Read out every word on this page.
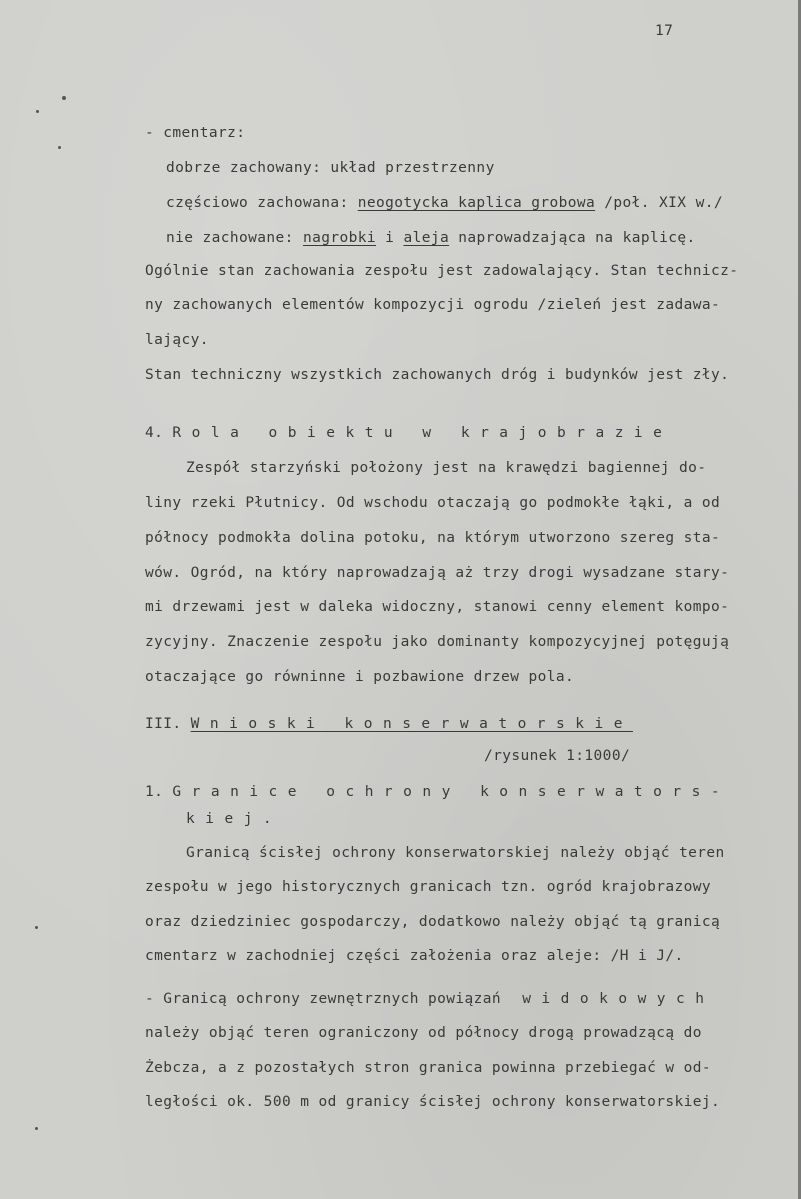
17
- cmentarz:
dobrze zachowany: układ przestrzenny
częściowo zachowana: neogotycka kaplica grobowa /poł. XIX w./
nie zachowane: nagrobki i aleja naprowadzająca na kaplicę.
Ogólnie stan zachowania zespołu jest zadowalający. Stan technicz-
ny zachowanych elementów kompozycji ogrodu /zieleń jest zadawa-
lający.
Stan techniczny wszystkich zachowanych dróg i budynków jest zły.
4. Rola obiektu w krajobrazie
Zespół starzyński położony jest na krawędzi bagiennej do-
liny rzeki Płutnicy. Od wschodu otaczają go podmokłe łąki, a od
północy podmokła dolina potoku, na którym utworzono szereg sta-
wów. Ogród, na który naprowadzają aż trzy drogi wysadzane stary-
mi drzewami jest w daleka widoczny, stanowi cenny element kompo-
zycyjny. Znaczenie zespołu jako dominanty kompozycyjnej potęgują
otaczające go równinne i pozbawione drzew pola.
III. Wnioski konserwatorskie
/rysunek 1:1000/
1. Granice ochrony konserwators-
kiej.
Granicą ścisłej ochrony konserwatorskiej należy objąć teren
zespołu w jego historycznych granicach tzn. ogród krajobrazowy
oraz dziedziniec gospodarczy, dodatkowo należy objąć tą granicą
cmentarz w zachodniej części założenia oraz aleje: /H i J/.
- Granicą ochrony zewnętrznych powiązań widokowych
należy objąć teren ograniczony od północy drogą prowadzącą do
Żebcza, a z pozostałych stron granica powinna przebiegać w od-
ległości ok. 500 m od granicy ścisłej ochrony konserwatorskiej.
